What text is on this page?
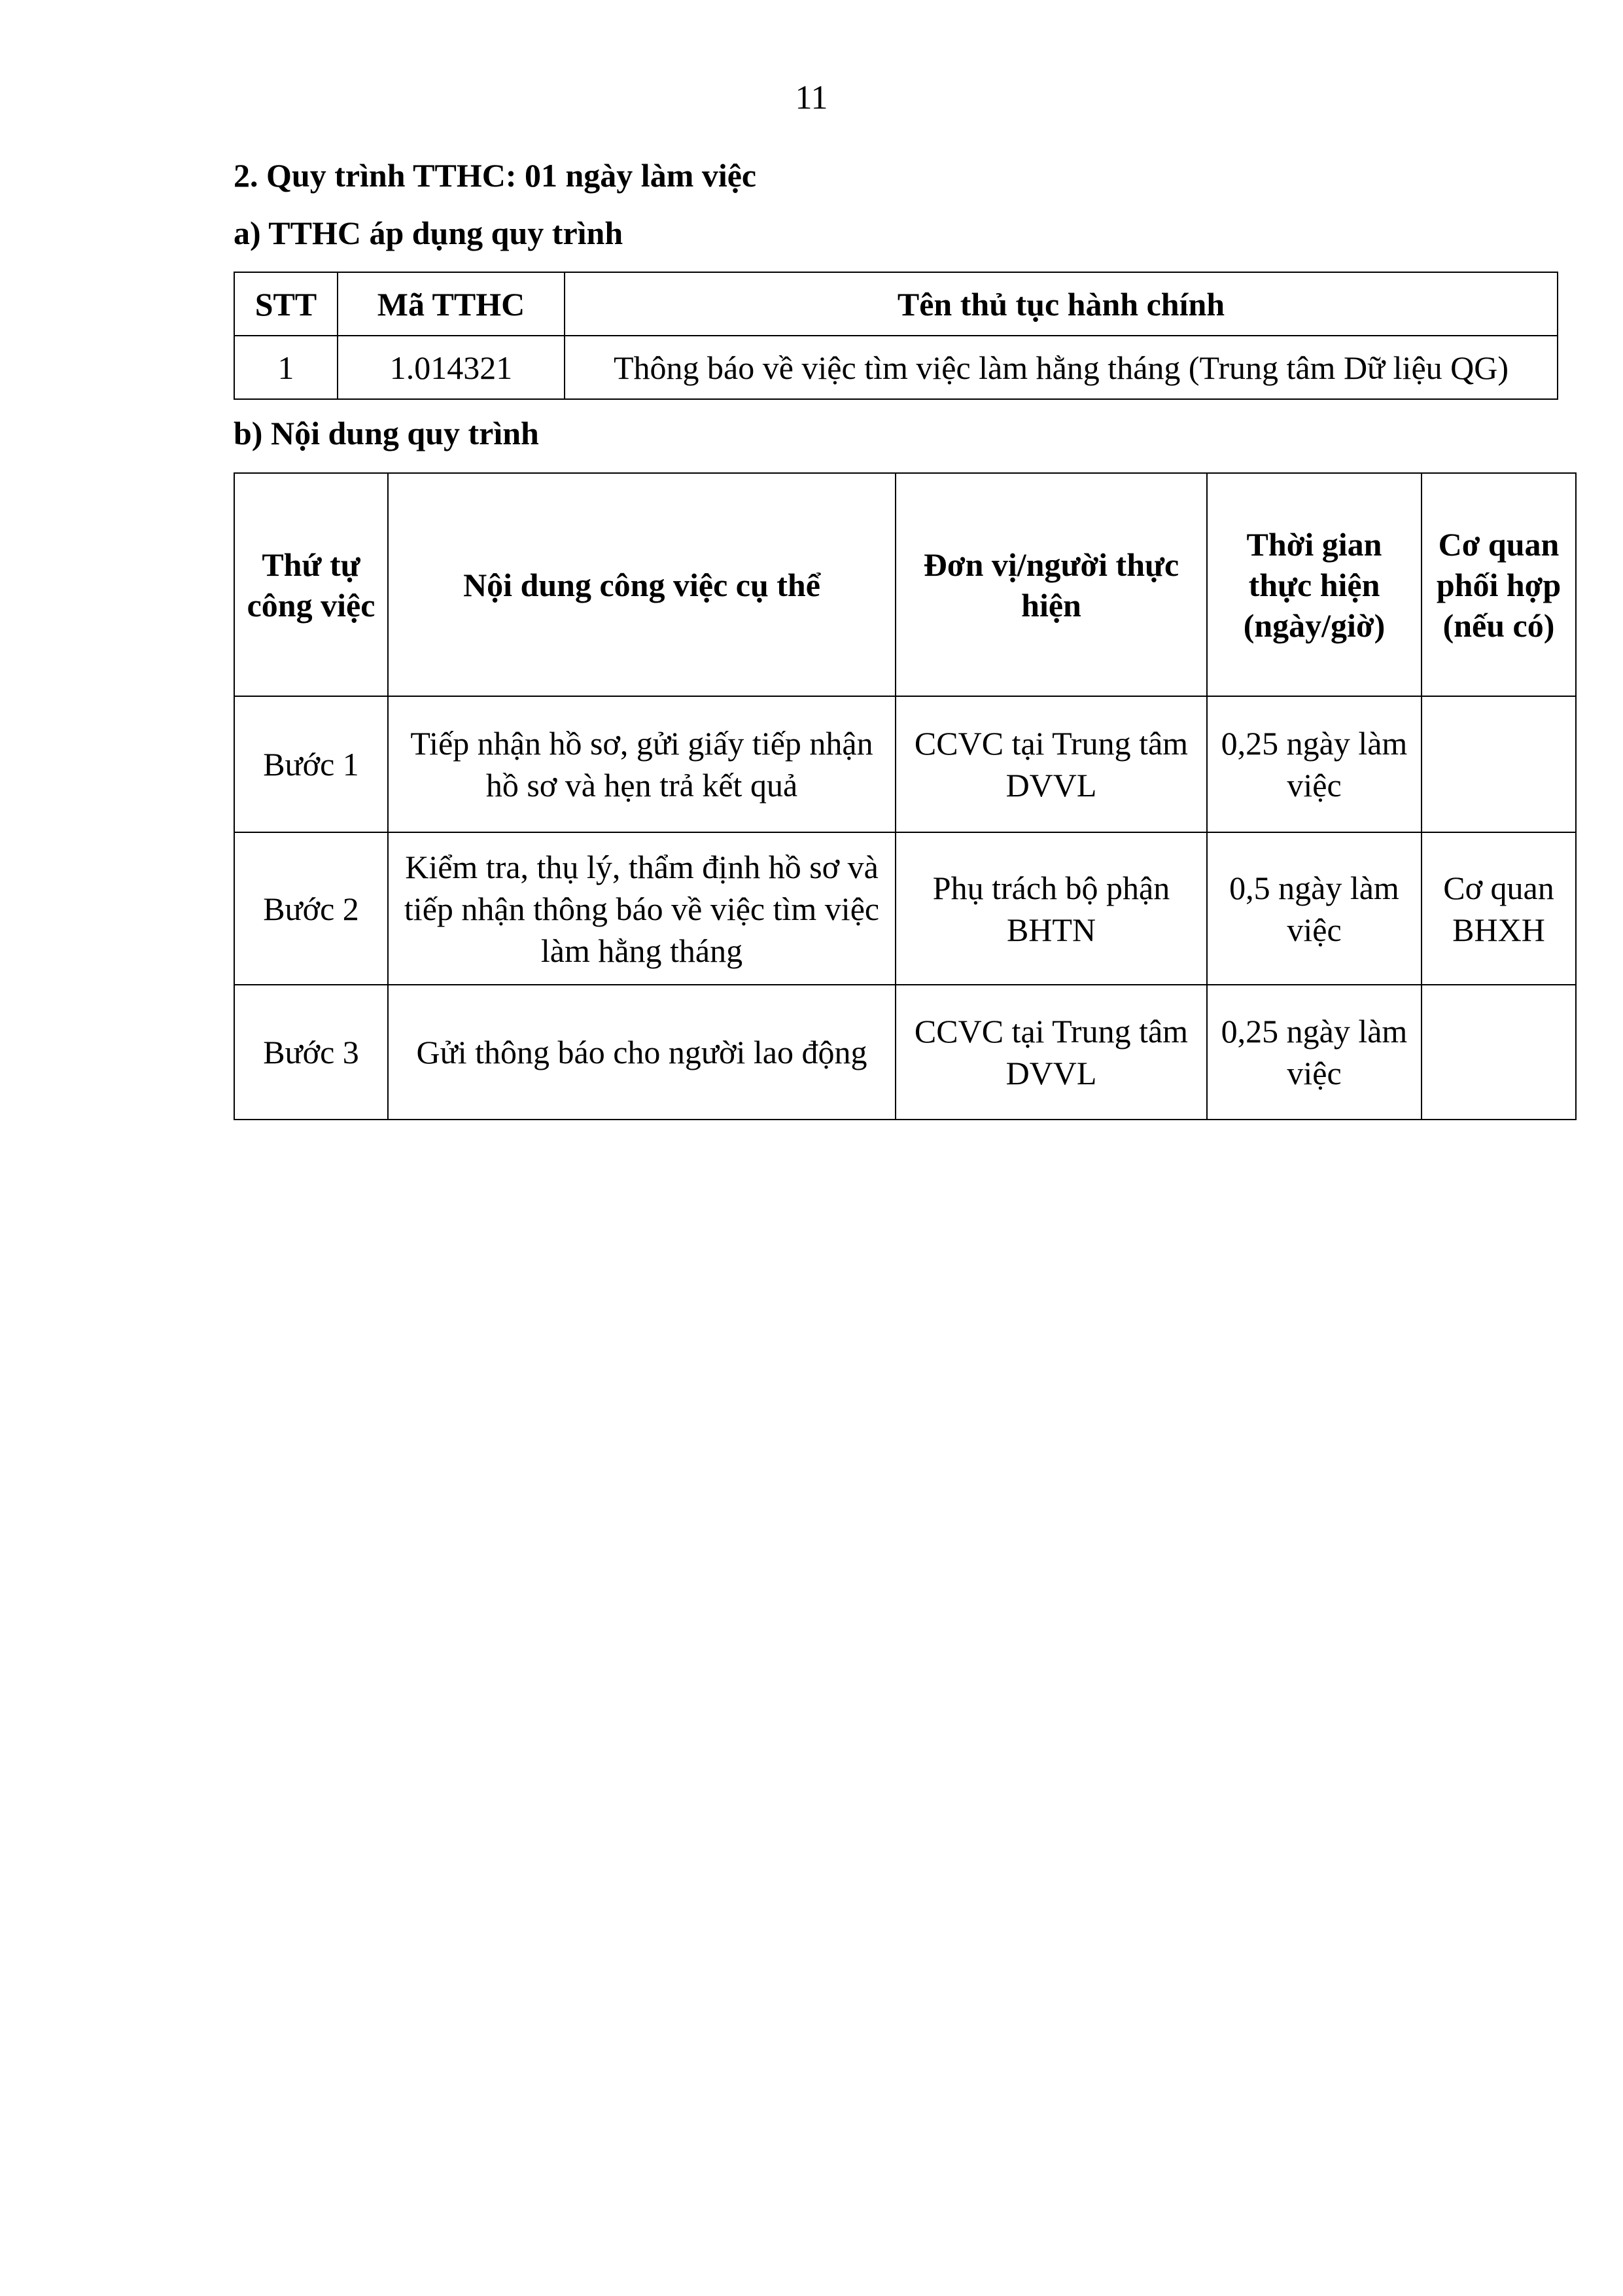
11
2. Quy trình TTHC: 01 ngày làm việc
a) TTHC áp dụng quy trình
STT	Mã TTHC	Tên thủ tục hành chính
1	1.014321	Thông báo về việc tìm việc làm hằng tháng (Trung tâm Dữ liệu QG)
b) Nội dung quy trình
Thứ tự công việc	Nội dung công việc cụ thể	Đơn vị/người thực hiện	Thời gian thực hiện (ngày/giờ)	Cơ quan phối hợp (nếu có)
Bước 1	Tiếp nhận hồ sơ, gửi giấy tiếp nhận hồ sơ và hẹn trả kết quả	CCVC tại Trung tâm DVVL	0,25 ngày làm việc	
Bước 2	Kiểm tra, thụ lý, thẩm định hồ sơ và tiếp nhận thông báo về việc tìm việc làm hằng tháng	Phụ trách bộ phận BHTN	0,5 ngày làm việc	Cơ quan BHXH
Bước 3	Gửi thông báo cho người lao động	CCVC tại Trung tâm DVVL	0,25 ngày làm việc	
